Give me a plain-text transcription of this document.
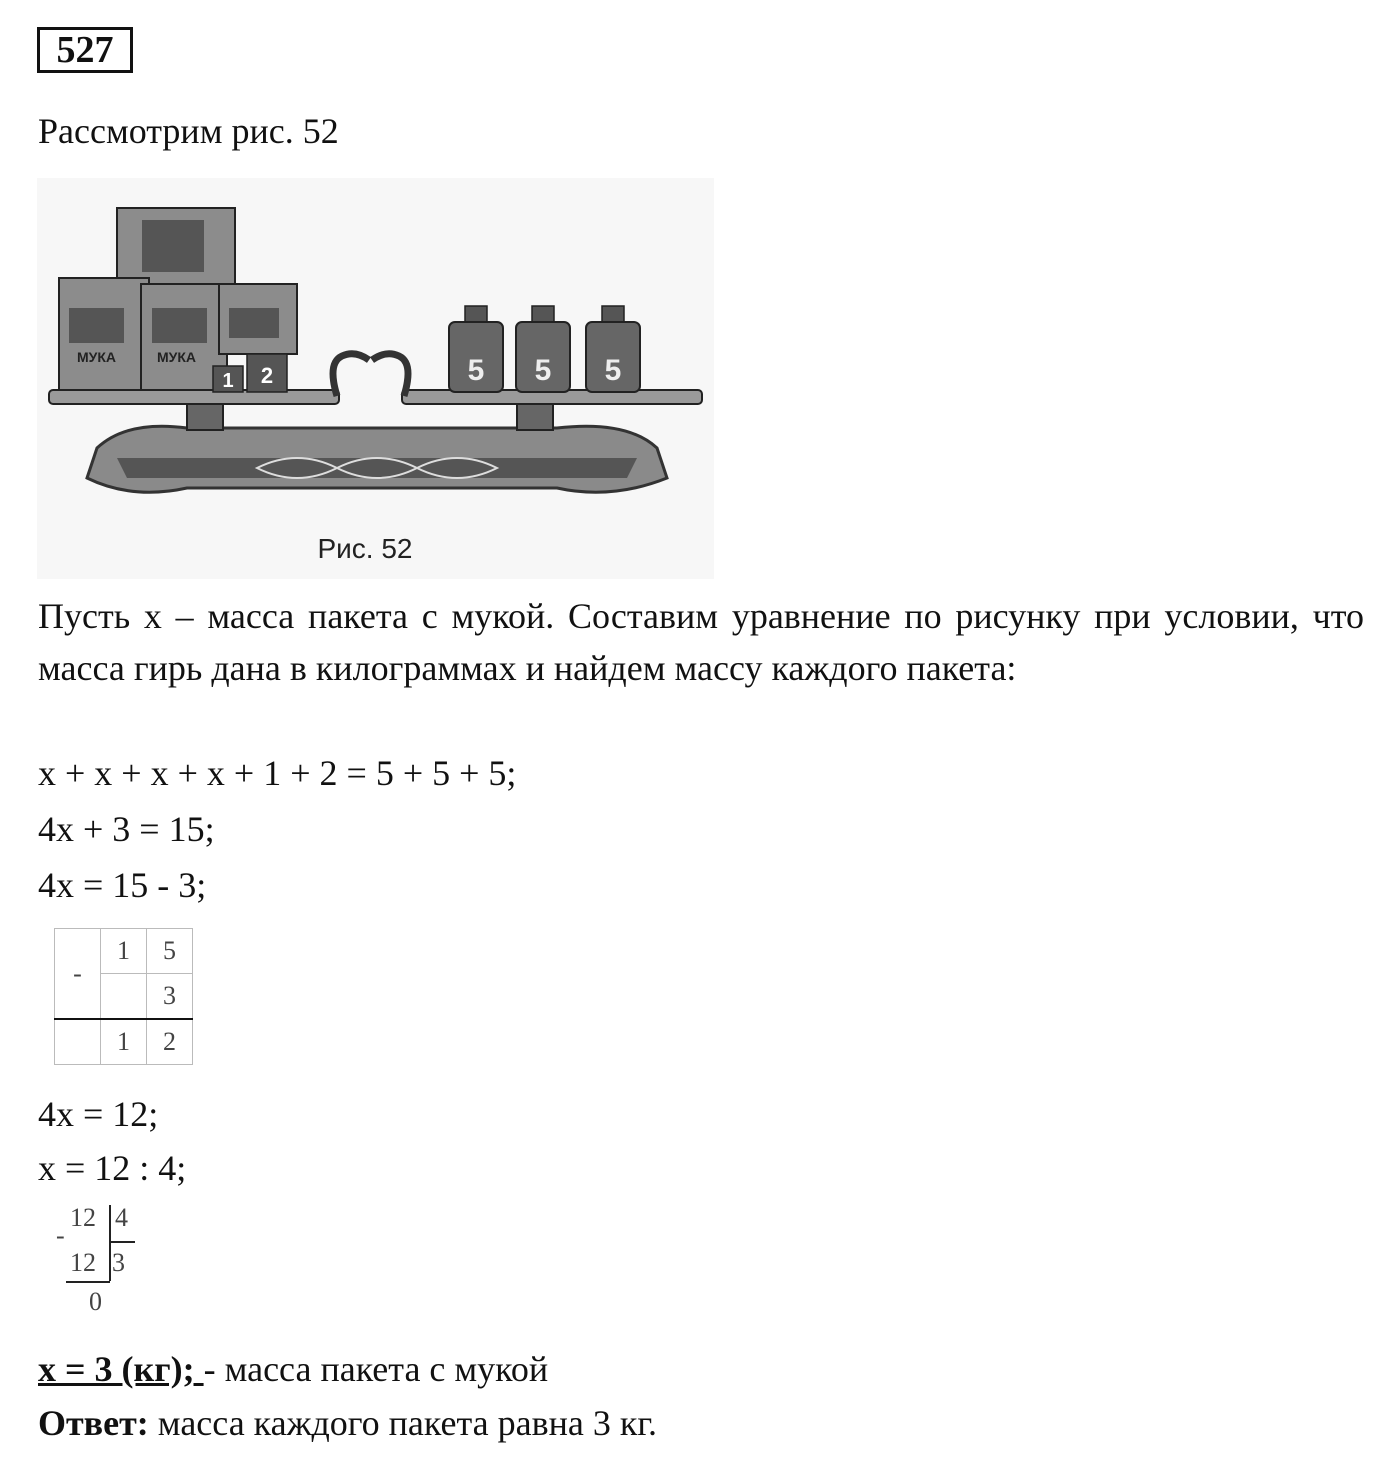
527
Рассмотрим рис. 52
МУКА	МУКА
1 2	5 5 5
Рис. 52
Пусть x – масса пакета с мукой. Составим уравнение по рисунку при условии, что масса гирь дана в килограммах и найдем массу каждого пакета:
x + x + x + x + 1 + 2 = 5 + 5 + 5;
4x + 3 = 15;
4x = 15 - 3;
-	1	5
		3
	1	2
4x = 12;
x = 12 : 4;
12 4
-
12 3
0
x = 3 (кг); - масса пакета с мукой
Ответ: масса каждого пакета равна 3 кг.
